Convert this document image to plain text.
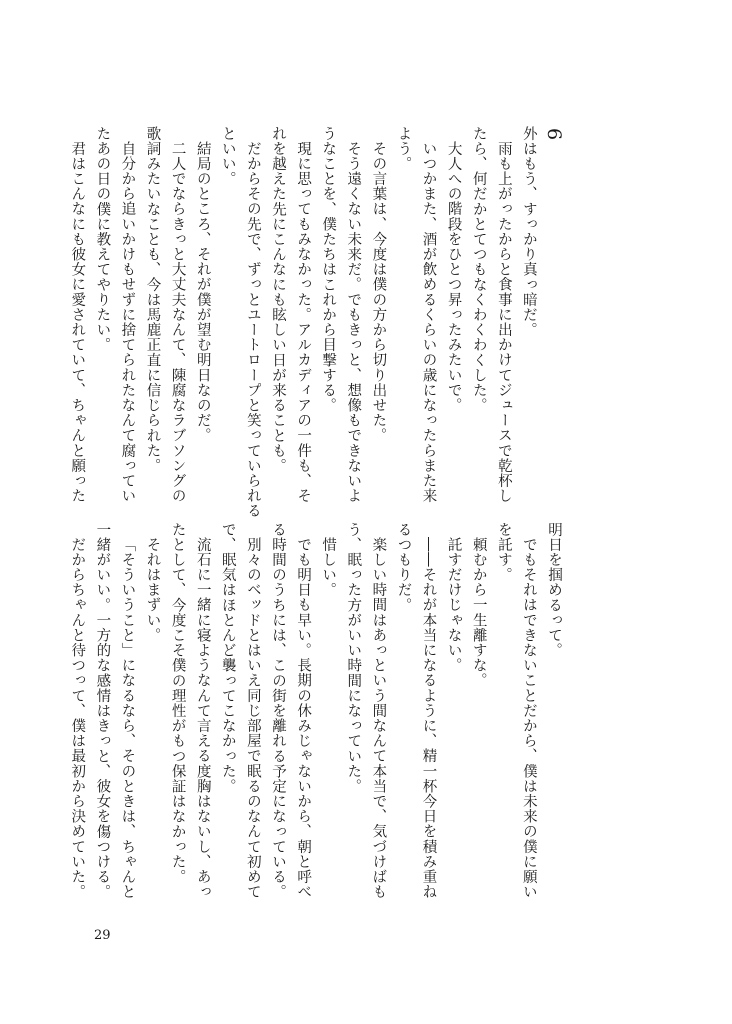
6
外はもう、すっかり真っ暗だ。
雨も上がったからと食事に出かけてジュースで乾杯し
たら、何だかとてつもなくわくわくした。
大人への階段をひとつ昇ったみたいで。
いつかまた、酒が飲めるくらいの歳になったらまた来
よう。
その言葉は、今度は僕の方から切り出せた。
そう遠くない未来だ。でもきっと、想像もできないよ
うなことを、僕たちはこれから目撃する。
現に思ってもみなかった。アルカディアの一件も、そ
れを越えた先にこんなにも眩しい日が来ることも。
だからその先で、ずっとユートロープと笑っていられる
といい。
結局のところ、それが僕が望む明日なのだ。
二人でならきっと大丈夫なんて、陳腐なラブソングの
歌詞みたいなことも、今は馬鹿正直に信じられた。
自分から追いかけもせずに捨てられたなんて腐ってい
たあの日の僕に教えてやりたい。
君はこんなにも彼女に愛されていて、ちゃんと願った
明日を掴めるって。
でもそれはできないことだから、僕は未来の僕に願い
を託す。
頼むから一生離すな。
託すだけじゃない。
――それが本当になるように、精一杯今日を積み重ね
るつもりだ。
楽しい時間はあっという間なんて本当で、気づけばも
う、眠った方がいい時間になっていた。
惜しい。
でも明日も早い。長期の休みじゃないから、朝と呼べ
る時間のうちには、この街を離れる予定になっている。
別々のベッドとはいえ同じ部屋で眠るのなんて初めて
で、眠気はほとんど襲ってこなかった。
流石に一緒に寝ようなんて言える度胸はないし、あっ
たとして、今度こそ僕の理性がもつ保証はなかった。
それはまずい。
「そういうこと」になるなら、そのときは、ちゃんと
一緒がいい。一方的な感情はきっと、彼女を傷つける。
だからちゃんと待つって、僕は最初から決めていた。
29
